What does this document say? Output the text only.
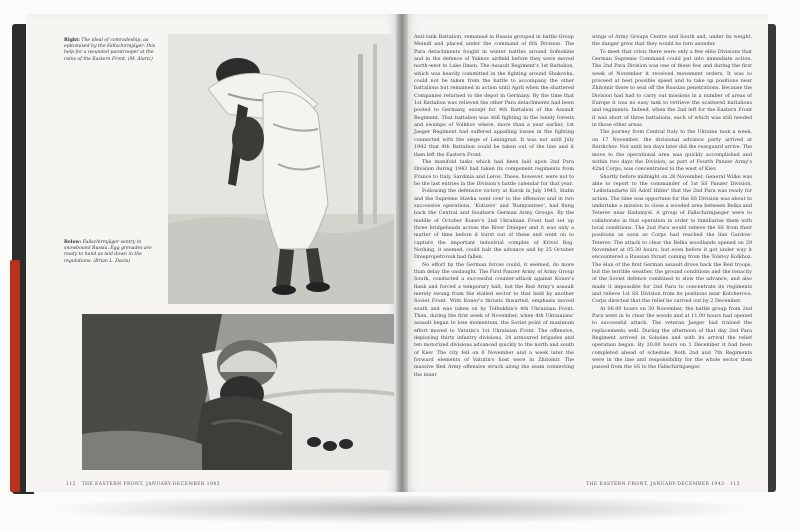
Right: The ideal of comradeship, as epitomised by the Fallschirmjäger: this help for a wounded paratrooper at the ruins of the Eastern Front. (M. Alaric)
Below: Fallschirmjäger sentry in snowbound Russia. Egg grenades are ready to hand as laid down in the regulations. (Brian L. Davis)

Anti-tank Battalion, remained in Russia grouped in battle Group Meindl and placed under the command of 6th Division. The Para detachments fought in winter battles around Sofeokine and in the defence of Yuknov airfield before they were moved north-west to Lake Ilmen. The Assault Regiment's 1st Battalion, which was heavily committed in the fighting around Shakovka, could not be taken from the battle to accompany the other battalions but remained in action until April when the shattered Companies returned to the depot in Germany. By the time that 1st Battalion was relieved the other Para detachments had been posted to Germany, except for 4th Battalion of the Assault Regiment. That battalion was still fighting in the lonely forests and swamps of Volkhov where, more than a year earlier, 1st Jaeger Regiment had suffered appalling losses in the fighting connected with the siege of Leningrad. It was not until July 1942 that 4th Battalion could be taken out of the line and it then left the Eastern Front.

The manifold tasks which had been laid upon 2nd Para Division during 1943 had taken its component regiments from France to Italy, Sardinia and Leros. These, however, were not to be the last entries in the Division's battle calendar for that year.

Following the defensive victory at Kursk in July 1943, Stalin and the Supreme Stavka went over to the offensive and in two successive operations, 'Kutuzov' and 'Rumyantsev', had flung back the Central and Southern German Army Groups. By the middle of October Konev's 2nd Ukrainian Front had set up three bridgeheads across the River Dnieper and it was only a matter of time before it burst out of these and went on to capture the important industrial complex of Krivoi Rog. Nothing, it seemed, could halt the advance and by 25 October Dniepropetrovsk had fallen.

No effort by the German forces could, it seemed, do more than delay the onslaught. The First Panzer Army, of Army Group South, conducted a successful counter-attack against Konev's flank and forced a temporary halt, but the Red Army's assault merely swung from the stalled sector to that held by another Soviet Front. With Konev's thrusts thwarted, emphasis moved south and was taken on by Tolbukhin's 4th Ukrainian Front. Then, during the first week of November, when 4th Ukrainians' assault began to lose momentum, the Soviet point of maximum effort moved to Vatutin's 1st Ukrainian Front. The offensive, deploying thirty infantry divisions, 24 armoured brigades and ten motorized divisions advanced quickly to the north and south of Kiev. The city fell on 6 November and a week later the forward elements of Vatutin's host were in Zhitomir. The massive Red Army offensive struck along the seam connecting the inner

wings of Army Groups Centre and South and, under its weight, the danger grew that they would be torn asunder.

To meet that crisis there were only a few elite Divisions that German Supreme Command could put into immediate action. The 2nd Para Division was one of these few and during the first week of November it received movement orders. It was to proceed at best possible speed and to take up positions near Zhitomir there to seal off the Russian penetrations. Because the Division had had to carry out missions in a number of areas of Europe it was no easy task to retrieve the scattered battalions and regiments. Indeed, when the 2nd left for the Eastern Front it was short of three battalions, each of which was still needed in those other areas.

The journey from Central Italy to the Ukraine took a week, on 17 November, the divisional advance party arrived at Berdichev. Not until ten days later did the rearguard arrive. The move to the operational area was quickly accomplished and within two days the Division, as part of Fourth Panzer Army's 42nd Corps, was concentrated to the west of Kiev.

Shortly before midnight on 28 November, General Wilke was able to report to the commander of 1st SS Panzer Division, 'Leibstandarte SS Adolf Hitler' that the 2nd Para was ready for action. The time was opportune for the SS Division was about to undertake a mission to close a wooded area between Belka and Teterev near Radomysl. A group of Fallschirmjaeger were to collaborate in that operation in order to familiarise them with local conditions. The 2nd Para would relieve the SS from their positions as soon as Corps had reached the line Gardow-Teterev. The attack to clear the Belka woodlands opened on 29 November at 05.30 hours, but even before it got under way it encountered a Russian thrust coming from the Tolstoy Kolkhoz. The élan of the first German assault drove back the Red troops, but the terrible weather, the ground conditions and the tenacity of the Soviet defence combined to slow the advance, and also made it impossible for 2nd Para to concentrate its regiments and relieve 1st SS Division from its positions near Kotcherovo. Corps directed that the relief be carried out by 2 December.

At 06.00 hours on 30 November, the battle group from 2nd Para went in to clear the woods and at 11.00 hours had opened to successful attack. The veteran Jaeger had trained the replacements well. During the afternoon of that day 2nd Para Regiment arrived in Soboles and with its arrival the relief operation began. By 20.00 hours on 1 December it had been completed ahead of schedule. Both 2nd and 7th Regiments were in the line and responsibility for the whole sector then passed from the SS to the Fallschirmjaeger.

112 THE EASTERN FRONT, JANUARY-DECEMBER 1943	THE EASTERN FRONT, JANUARY-DECEMBER 1943 113
